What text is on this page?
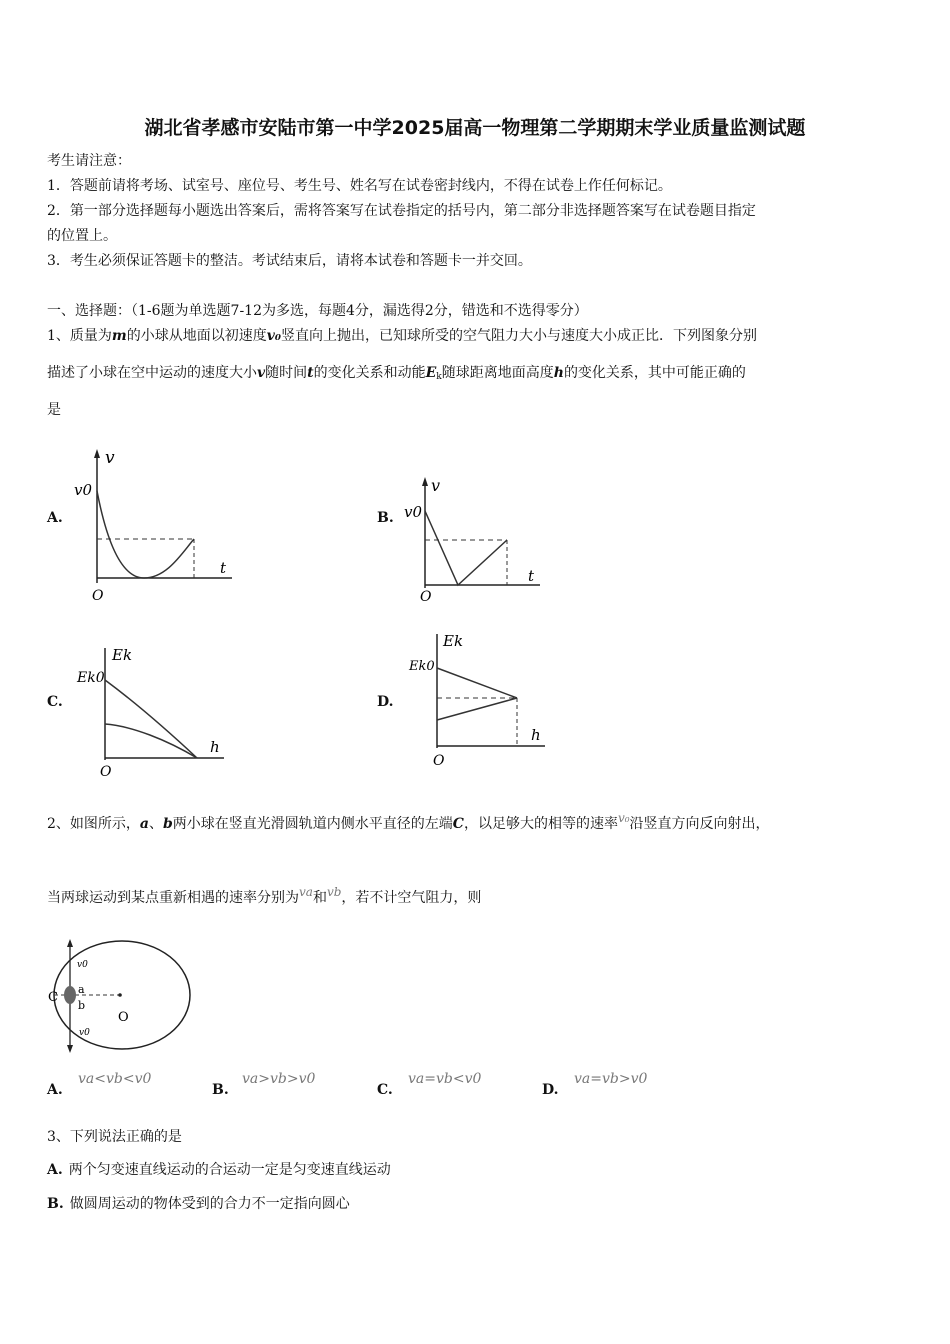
湖北省孝感市安陆市第一中学2025届高一物理第二学期期末学业质量监测试题
考生请注意：
1．答题前请将考场、试室号、座位号、考生号、姓名写在试卷密封线内，不得在试卷上作任何标记。
2．第一部分选择题每小题选出答案后，需将答案写在试卷指定的括号内，第二部分非选择题答案写在试卷题目指定
的位置上。
3．考生必须保证答题卡的整洁。考试结束后，请将本试卷和答题卡一并交回。
一、选择题：（1-6题为单选题7-12为多选，每题4分，漏选得2分，错选和不选得零分）
1、质量为m的小球从地面以初速度v₀竖直向上抛出，已知球所受的空气阻力大小与速度大小成正比．下列图象分别
描述了小球在空中运动的速度大小v随时间t的变化关系和动能$E_k$随球距离地面高度h的变化关系，其中可能正确的
是
A.	B.
C.	D.
v
v0
t
O
v
v0
t
O
Ek
Ek0
h
O
Ek
Ek0
h
O
2、如图所示，a、b两小球在竖直光滑圆轨道内侧水平直径的左端C，以足够大的相等的速率v₀沿竖直方向反向射出，
当两球运动到某点重新相遇的速率分别为va和vb，若不计空气阻力，则
C
a
b
O
v0
v0
A.
va<vb<v0
B.
va>vb>v0
C.
va=vb<v0
D.
va=vb>v0
3、下列说法正确的是
A. 两个匀变速直线运动的合运动一定是匀变速直线运动
B. 做圆周运动的物体受到的合力不一定指向圆心
